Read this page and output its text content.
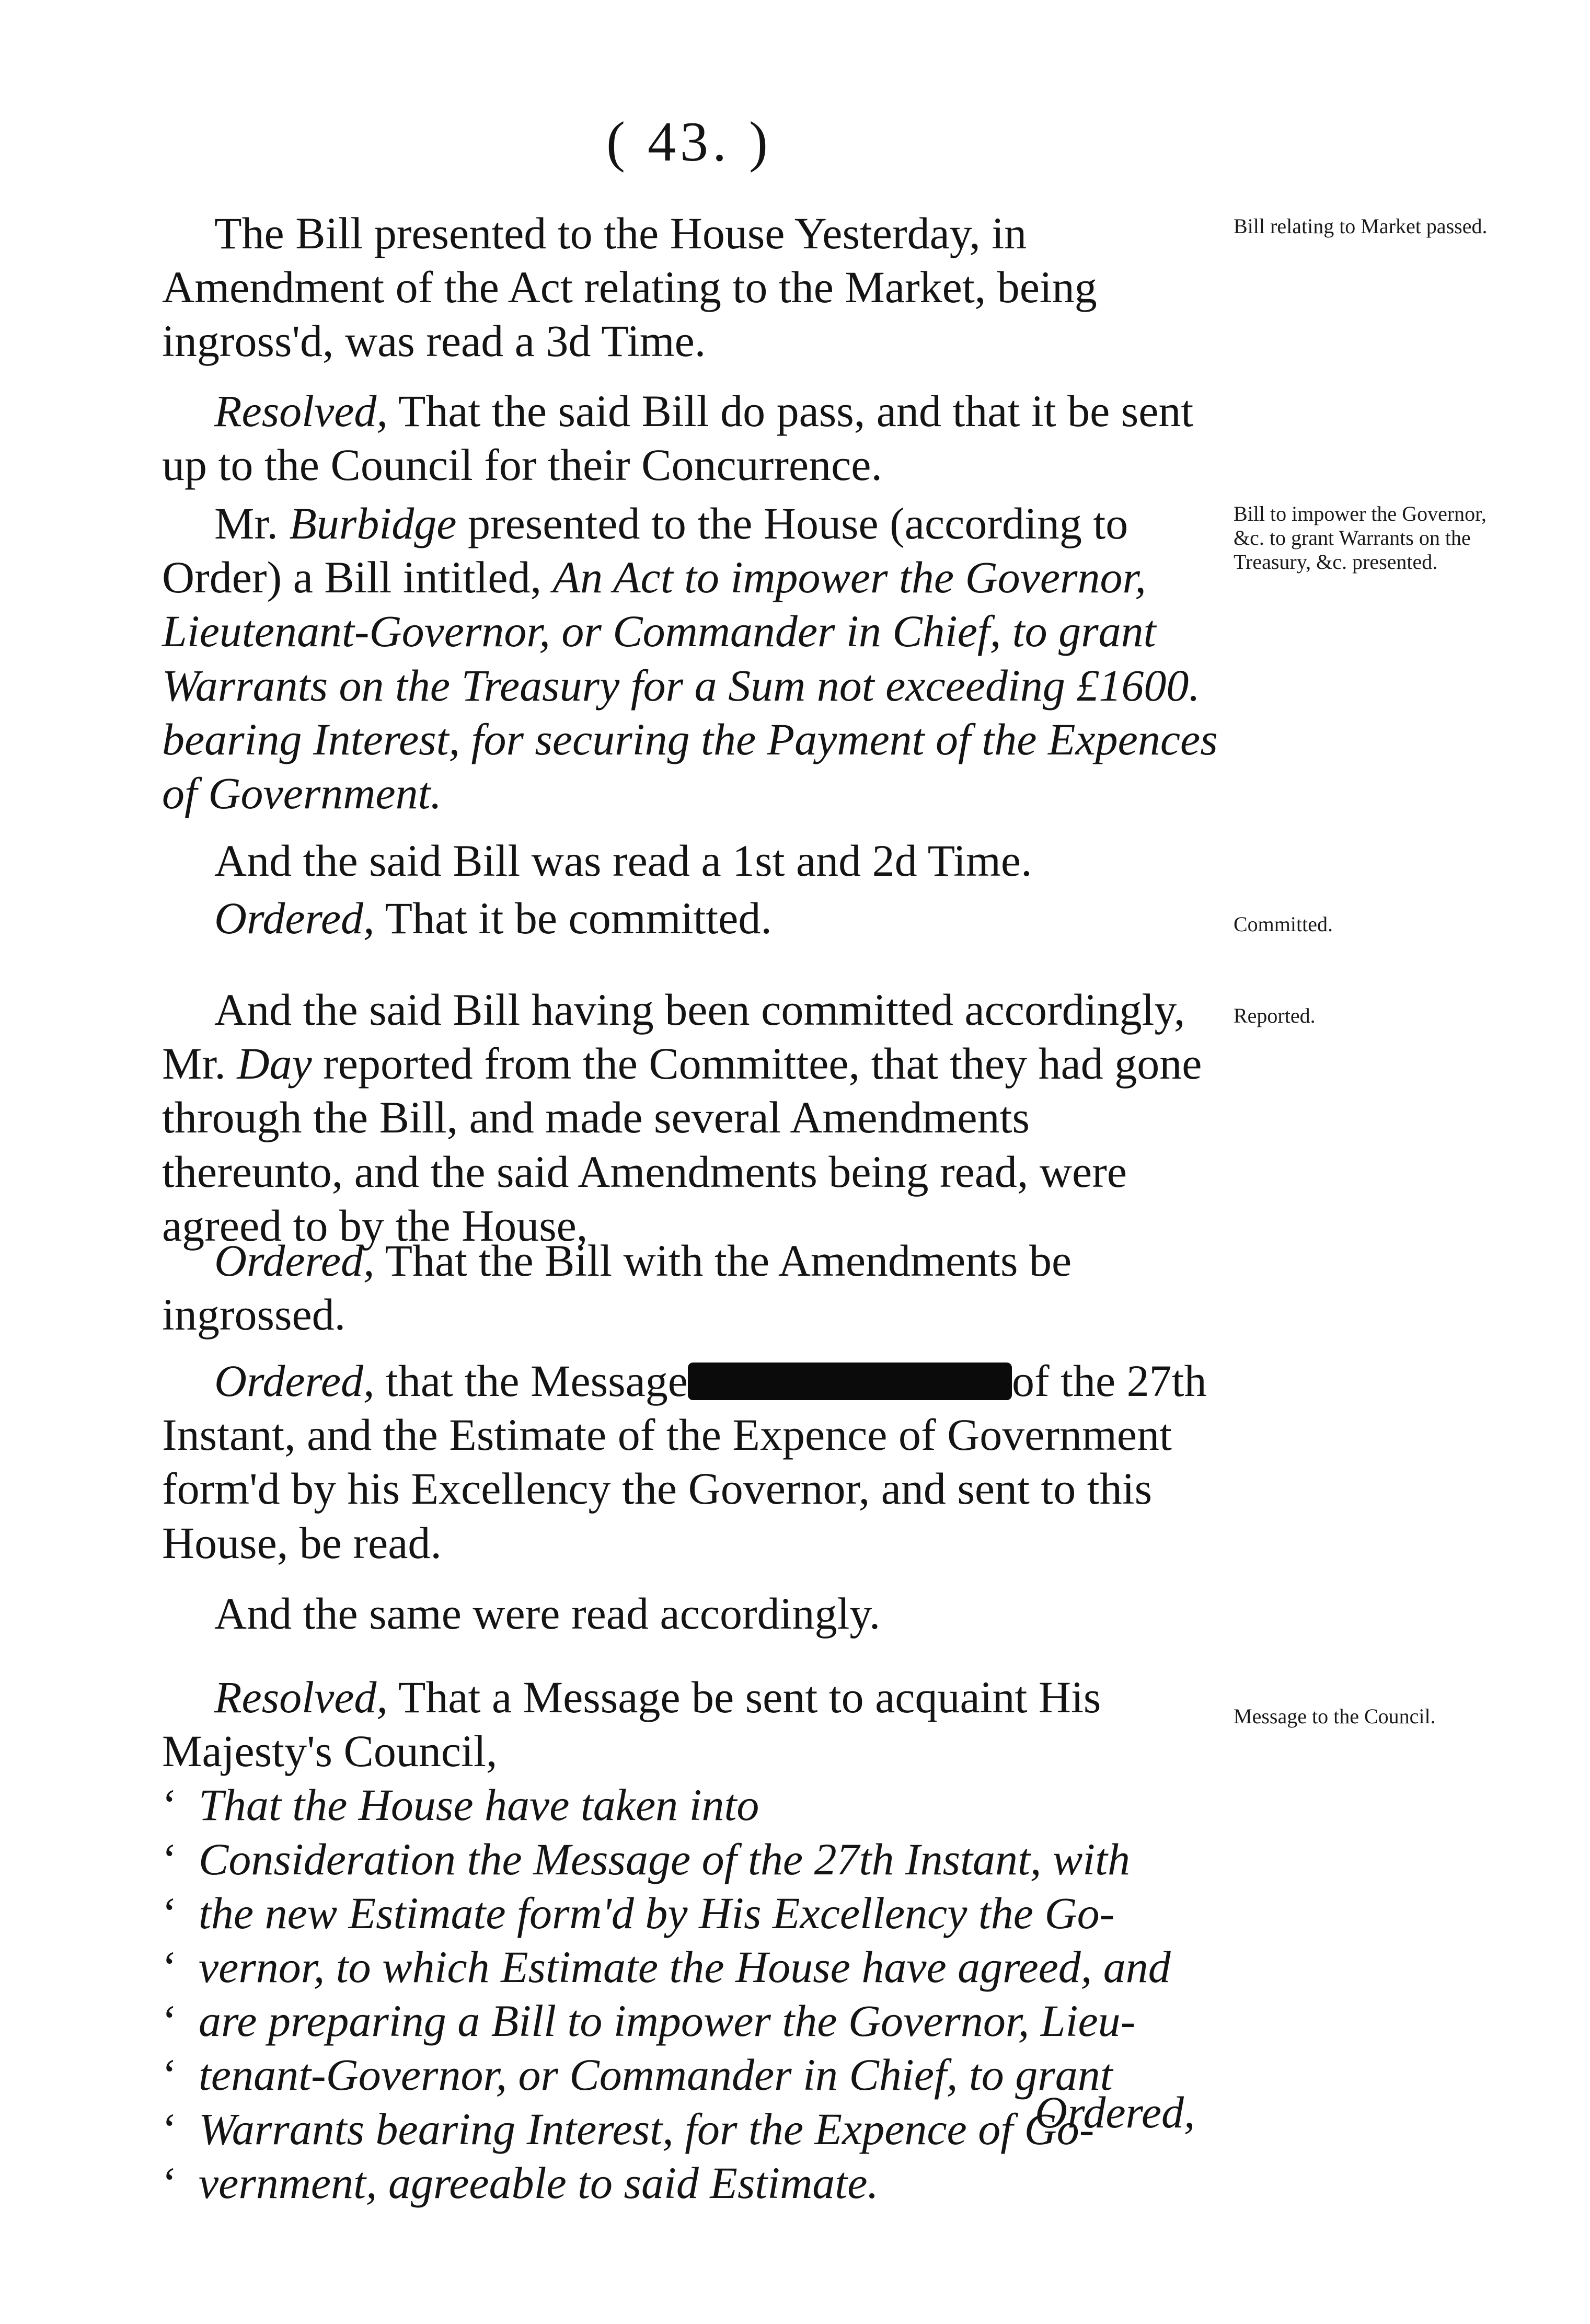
( 43. )

The Bill presented to the House Yesterday, in Amendment of the Act relating to the Market, being ingross'd, was read a 3d Time.

Bill relating to Market passed.

Resolved, That the said Bill do pass, and that it be sent up to the Council for their Concurrence.

Mr. Burbidge presented to the House (according to Order) a Bill intitled, An Act to impower the Governor, Lieutenant-Governor, or Commander in Chief, to grant Warrants on the Treasury for a Sum not exceeding £1600. bearing Interest, for securing the Payment of the Expences of Government.

Bill to impower the Governor, &c. to grant Warrants on the Treasury, &c. presented.

And the said Bill was read a 1st and 2d Time.

Ordered, That it be committed.	Committed.

And the said Bill having been committed accordingly, Mr. Day reported from the Committee, that they had gone through the Bill, and made several Amendments thereunto, and the said Amendments being read, were agreed to by the House,

Reported.

Ordered, That the Bill with the Amendments be ingrossed.

Ordered, that the Message	of the 27th Instant, and the Estimate of the Expence of Government form'd by his Excellency the Governor, and sent to this House, be read.

And the same were read accordingly.

Resolved, That a Message be sent to acquaint His Majesty's Council,

‘ That the House have taken into
‘ Consideration the Message of the 27th Instant, with
‘ the new Estimate form'd by His Excellency the Go-
‘ vernor, to which Estimate the House have agreed, and
‘ are preparing a Bill to impower the Governor, Lieu-
‘ tenant-Governor, or Commander in Chief, to grant
‘ Warrants bearing Interest, for the Expence of Go-
‘ vernment, agreeable to said Estimate.
Message to the Council.
Ordered,
